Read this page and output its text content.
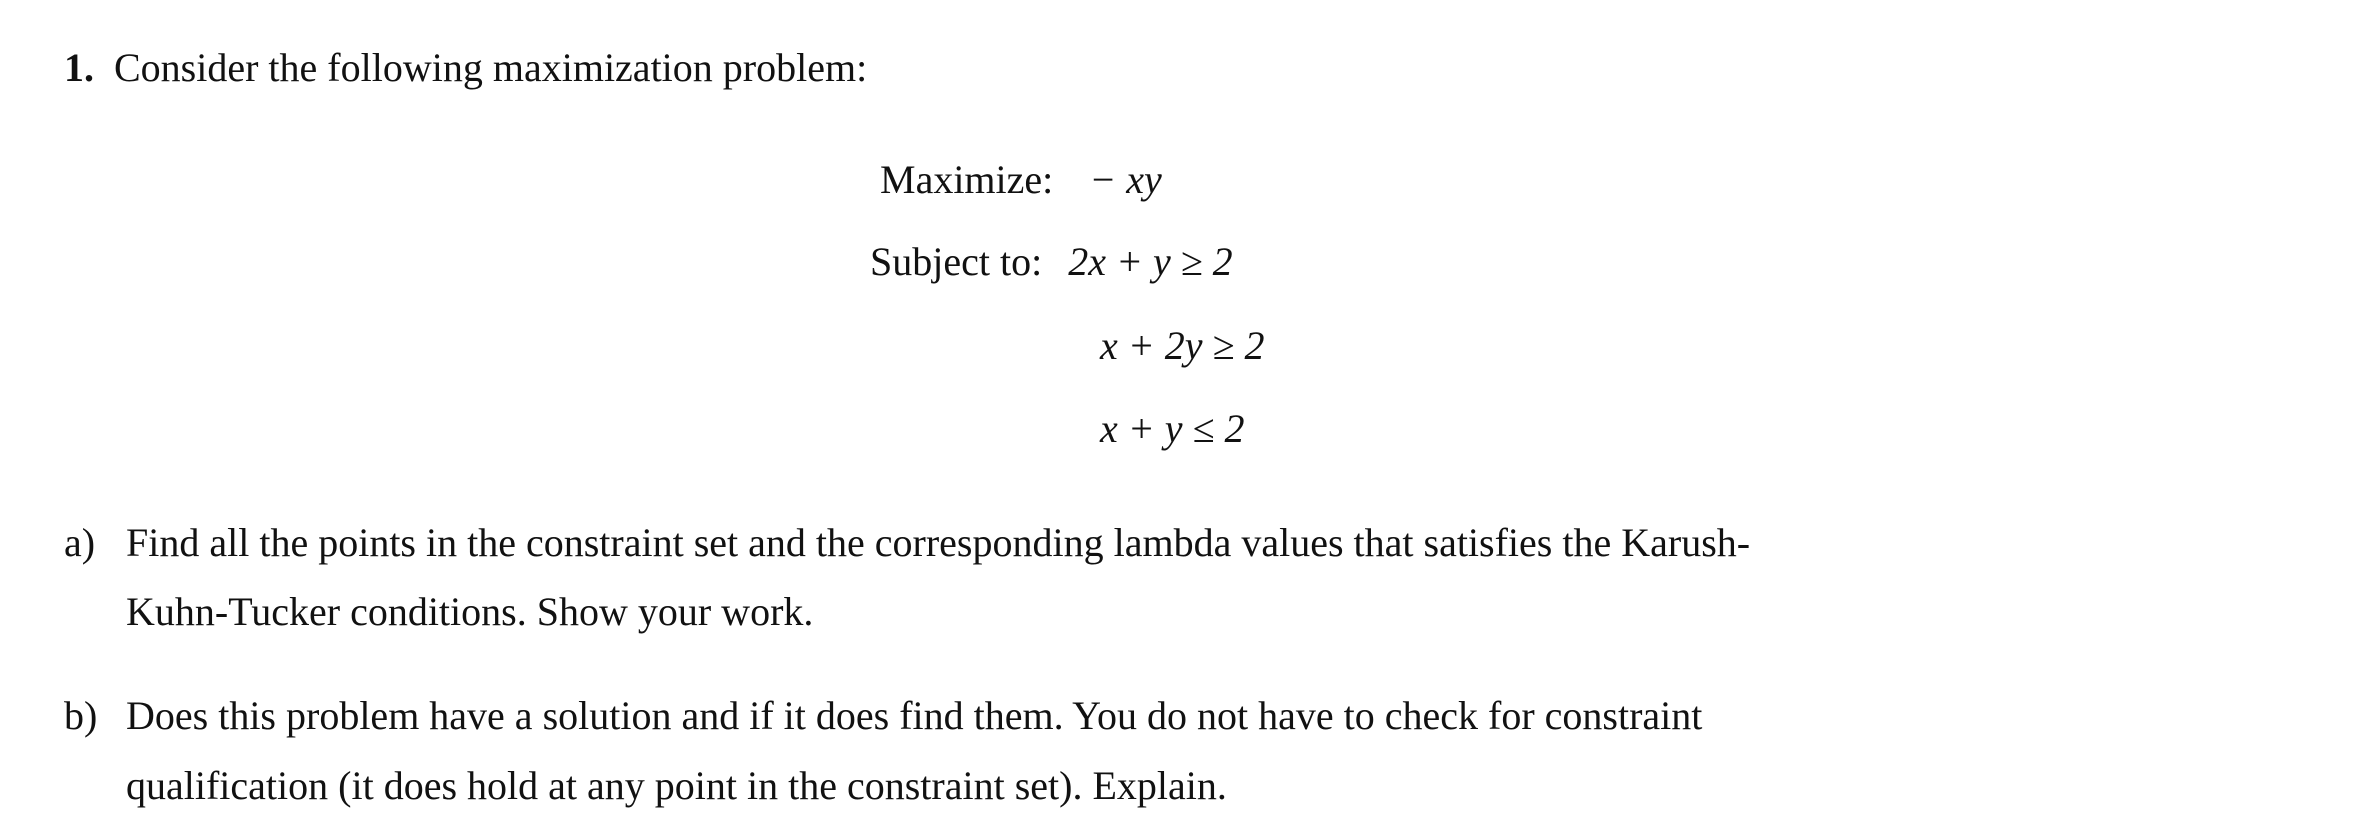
1. Consider the following maximization problem:
Maximize: − xy
Subject to: 2x + y ≥ 2
x + 2y ≥ 2
x + y ≤ 2
a) Find all the points in the constraint set and the corresponding lambda values that satisfies the Karush-
Kuhn-Tucker conditions. Show your work.
b) Does this problem have a solution and if it does find them. You do not have to check for constraint
qualification (it does hold at any point in the constraint set). Explain.
